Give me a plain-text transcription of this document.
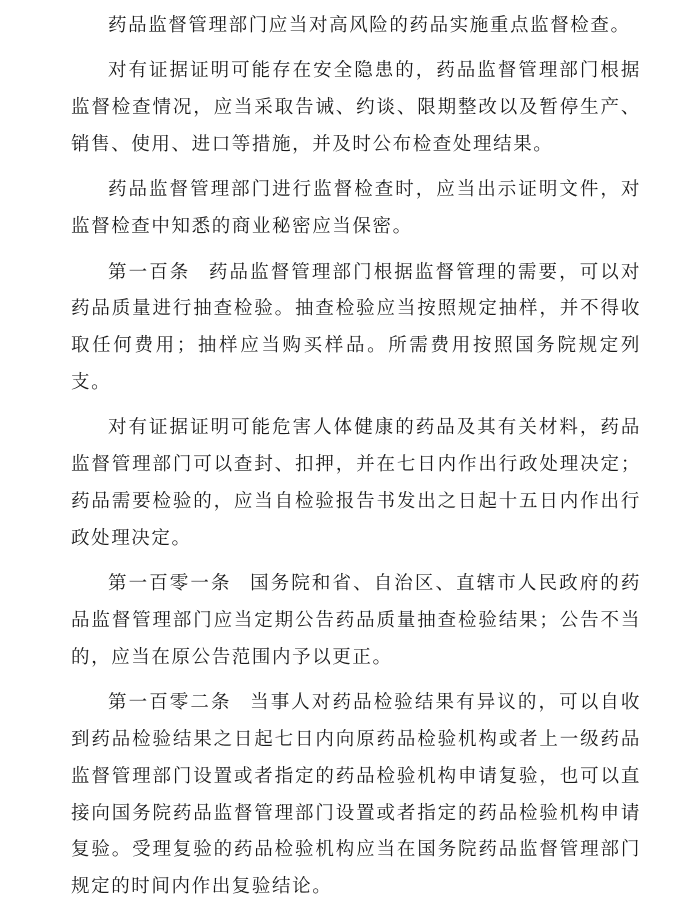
药品监督管理部门应当对高风险的药品实施重点监督检查。

对有证据证明可能存在安全隐患的，药品监督管理部门根据监督检查情况，应当采取告诫、约谈、限期整改以及暂停生产、销售、使用、进口等措施，并及时公布检查处理结果。

药品监督管理部门进行监督检查时，应当出示证明文件，对监督检查中知悉的商业秘密应当保密。

第一百条 药品监督管理部门根据监督管理的需要，可以对药品质量进行抽查检验。抽查检验应当按照规定抽样，并不得收取任何费用；抽样应当购买样品。所需费用按照国务院规定列支。

对有证据证明可能危害人体健康的药品及其有关材料，药品监督管理部门可以查封、扣押，并在七日内作出行政处理决定；药品需要检验的，应当自检验报告书发出之日起十五日内作出行政处理决定。

第一百零一条 国务院和省、自治区、直辖市人民政府的药品监督管理部门应当定期公告药品质量抽查检验结果；公告不当的，应当在原公告范围内予以更正。

第一百零二条 当事人对药品检验结果有异议的，可以自收到药品检验结果之日起七日内向原药品检验机构或者上一级药品监督管理部门设置或者指定的药品检验机构申请复验，也可以直接向国务院药品监督管理部门设置或者指定的药品检验机构申请复验。受理复验的药品检验机构应当在国务院药品监督管理部门规定的时间内作出复验结论。
